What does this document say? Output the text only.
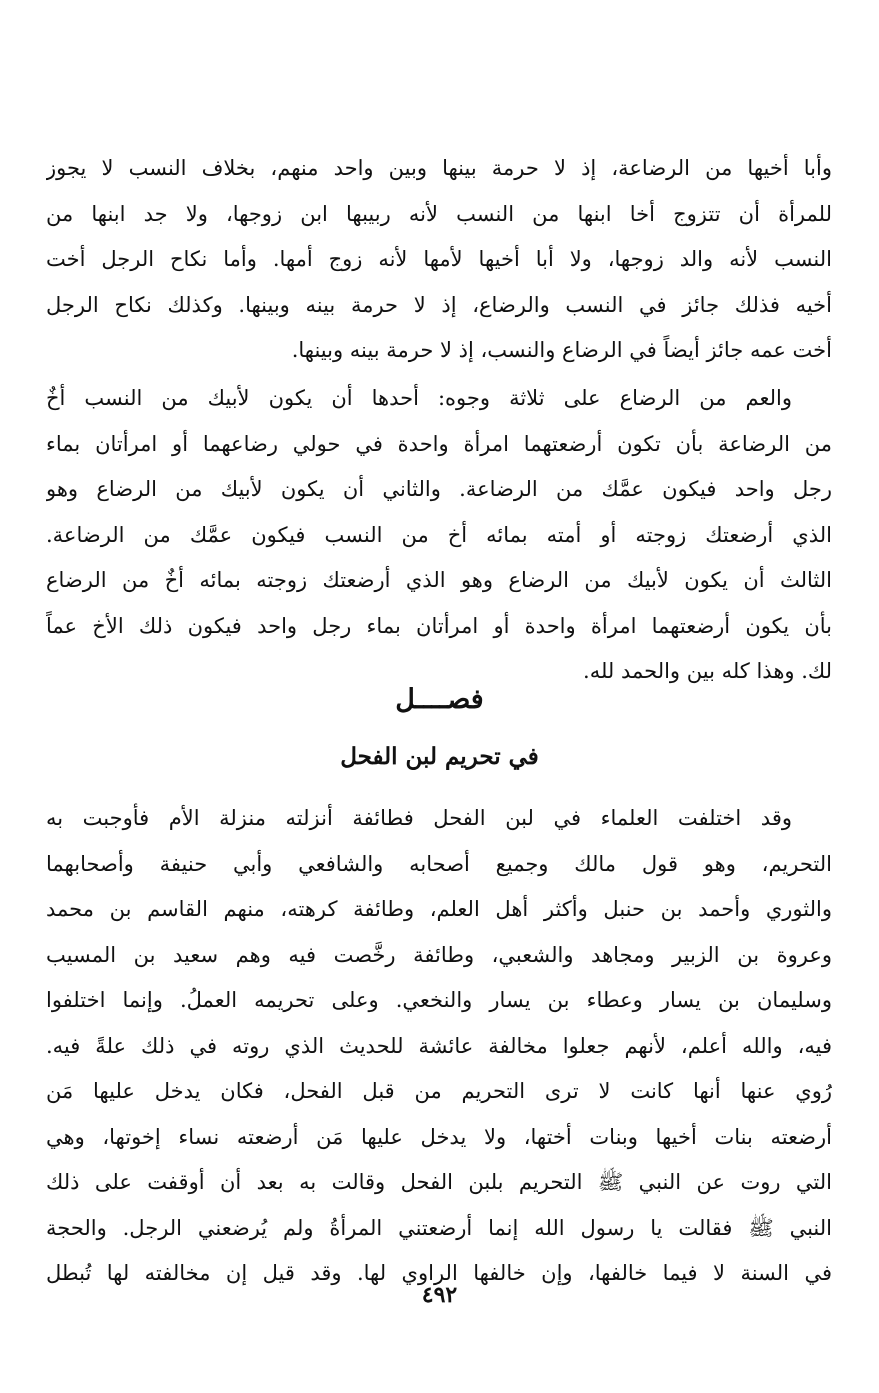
وأبا أخيها من الرضاعة، إذ لا حرمة بينها وبين واحد منهم، بخلاف النسب لا يجوز
للمرأة أن تتزوج أخا ابنها من النسب لأنه ربيبها ابن زوجها، ولا جد ابنها من
النسب لأنه والد زوجها، ولا أبا أخيها لأمها لأنه زوج أمها. وأما نكاح الرجل أخت
أخيه فذلك جائز في النسب والرضاع، إذ لا حرمة بينه وبينها. وكذلك نكاح الرجل
أخت عمه جائز أيضاً في الرضاع والنسب، إذ لا حرمة بينه وبينها.
والعم من الرضاع على ثلاثة وجوه: أحدها أن يكون لأبيك من النسب أخٌ
من الرضاعة بأن تكون أرضعتهما امرأة واحدة في حولي رضاعهما أو امرأتان بماء
رجل واحد فيكون عمَّك من الرضاعة. والثاني أن يكون لأبيك من الرضاع وهو
الذي أرضعتك زوجته أو أمته بمائه أخ من النسب فيكون عمَّك من الرضاعة.
الثالث أن يكون لأبيك من الرضاع وهو الذي أرضعتك زوجته بمائه أخٌ من الرضاع
بأن يكون أرضعتهما امرأة واحدة أو امرأتان بماء رجل واحد فيكون ذلك الأخ عماً
لك. وهذا كله بين والحمد لله.
فصــــل
في تحريم لبن الفحل
وقد اختلفت العلماء في لبن الفحل فطائفة أنزلته منزلة الأم فأوجبت به
التحريم، وهو قول مالك وجميع أصحابه والشافعي وأبي حنيفة وأصحابهما
والثوري وأحمد بن حنبل وأكثر أهل العلم، وطائفة كرهته، منهم القاسم بن محمد
وعروة بن الزبير ومجاهد والشعبي، وطائفة رخَّصت فيه وهم سعيد بن المسيب
وسليمان بن يسار وعطاء بن يسار والنخعي. وعلى تحريمه العملُ. وإنما اختلفوا
فيه، والله أعلم، لأنهم جعلوا مخالفة عائشة للحديث الذي روته في ذلك علةً فيه.
رُوي عنها أنها كانت لا ترى التحريم من قبل الفحل، فكان يدخل عليها مَن
أرضعته بنات أخيها وبنات أختها، ولا يدخل عليها مَن أرضعته نساء إخوتها، وهي
التي روت عن النبي ﷺ التحريم بلبن الفحل وقالت به بعد أن أوقفت على ذلك
النبي ﷺ فقالت يا رسول الله إنما أرضعتني المرأةُ ولم يُرضعني الرجل. والحجة
في السنة لا فيما خالفها، وإن خالفها الراوي لها. وقد قيل إن مخالفته لها تُبطل
٤٩٢
